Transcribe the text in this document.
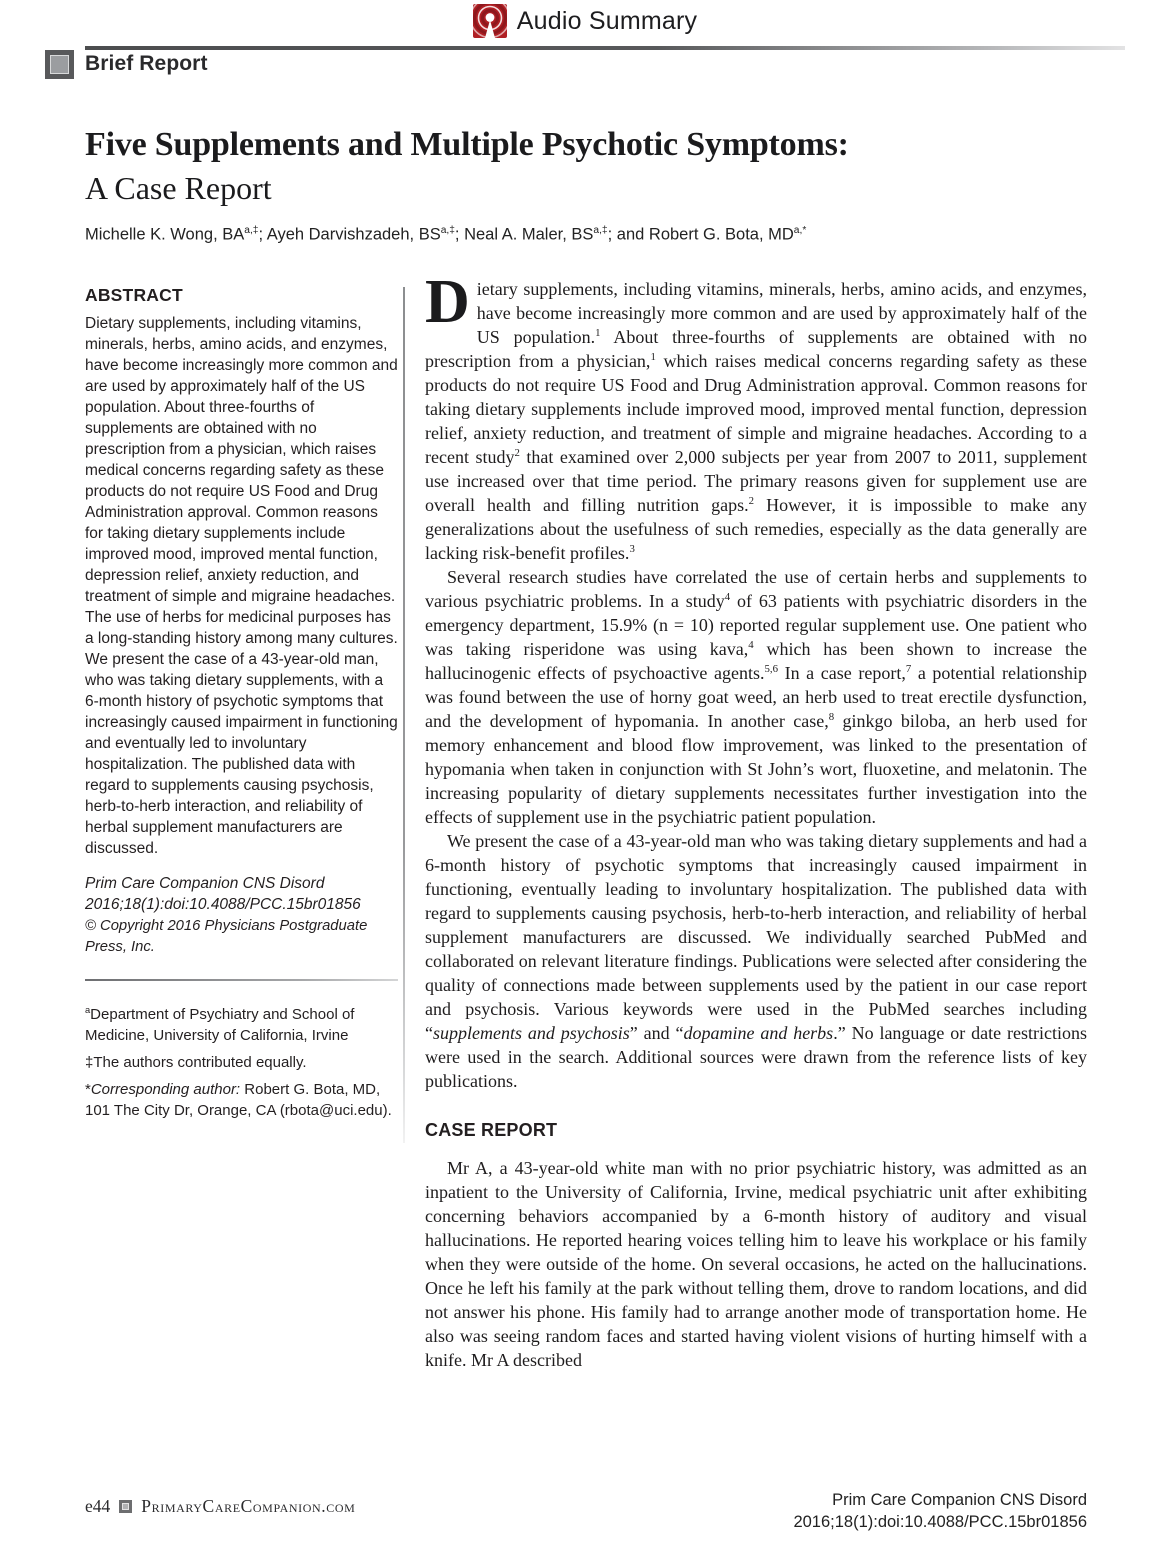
Audio Summary
Brief Report
Five Supplements and Multiple Psychotic Symptoms:
A Case Report
Michelle K. Wong, $BA^{a,\ddagger}$; Ayeh Darvishzadeh, $BS^{a,\ddagger}$; Neal A. Maler, $BS^{a,\ddagger}$; and Robert G. Bota, $MD^{a,*}$
ABSTRACT

Dietary supplements, including vitamins, minerals, herbs, amino acids, and enzymes, have become increasingly more common and are used by approximately half of the US population. About three-fourths of supplements are obtained with no prescription from a physician, which raises medical concerns regarding safety as these products do not require US Food and Drug Administration approval. Common reasons for taking dietary supplements include improved mood, improved mental function, depression relief, anxiety reduction, and treatment of simple and migraine headaches. The use of herbs for medicinal purposes has a long-standing history among many cultures. We present the case of a 43-year-old man, who was taking dietary supplements, with a 6-month history of psychotic symptoms that increasingly caused impairment in functioning and eventually led to involuntary hospitalization. The published data with regard to supplements causing psychosis, herb-to-herb interaction, and reliability of herbal supplement manufacturers are discussed.

Prim Care Companion CNS Disord
2016;18(1):doi:10.4088/PCC.15br01856
© Copyright 2016 Physicians Postgraduate Press, Inc.

$^a$Department of Psychiatry and School of Medicine, University of California, Irvine

‡The authors contributed equally.

*Corresponding author: Robert G. Bota, MD, 101 The City Dr, Orange, CA (rbota@uci.edu).

Dietary supplements, including vitamins, minerals, herbs, amino acids, and enzymes, have become increasingly more common and are used by approximately half of the US population.$^1$ About three-fourths of supplements are obtained with no prescription from a physician,$^1$ which raises medical concerns regarding safety as these products do not require US Food and Drug Administration approval. Common reasons for taking dietary supplements include improved mood, improved mental function, depression relief, anxiety reduction, and treatment of simple and migraine headaches. According to a recent study$^2$ that examined over 2,000 subjects per year from 2007 to 2011, supplement use increased over that time period. The primary reasons given for supplement use are overall health and filling nutrition gaps.$^2$ However, it is impossible to make any generalizations about the usefulness of such remedies, especially as the data generally are lacking risk-benefit profiles.$^3$

Several research studies have correlated the use of certain herbs and supplements to various psychiatric problems. In a study$^4$ of 63 patients with psychiatric disorders in the emergency department, 15.9% (n = 10) reported regular supplement use. One patient who was taking risperidone was using kava,$^4$ which has been shown to increase the hallucinogenic effects of psychoactive agents.$^{5,6}$ In a case report,$^7$ a potential relationship was found between the use of horny goat weed, an herb used to treat erectile dysfunction, and the development of hypomania. In another case,$^8$ ginkgo biloba, an herb used for memory enhancement and blood flow improvement, was linked to the presentation of hypomania when taken in conjunction with St John’s wort, fluoxetine, and melatonin. The increasing popularity of dietary supplements necessitates further investigation into the effects of supplement use in the psychiatric patient population.

We present the case of a 43-year-old man who was taking dietary supplements and had a 6-month history of psychotic symptoms that increasingly caused impairment in functioning, eventually leading to involuntary hospitalization. The published data with regard to supplements causing psychosis, herb-to-herb interaction, and reliability of herbal supplement manufacturers are discussed. We individually searched PubMed and collaborated on relevant literature findings. Publications were selected after considering the quality of connections made between supplements used by the patient in our case report and psychosis. Various keywords were used in the PubMed searches including “supplements and psychosis” and “dopamine and herbs.” No language or date restrictions were used in the search. Additional sources were drawn from the reference lists of key publications.

CASE REPORT

Mr A, a 43-year-old white man with no prior psychiatric history, was admitted as an inpatient to the University of California, Irvine, medical psychiatric unit after exhibiting concerning behaviors accompanied by a 6-month history of auditory and visual hallucinations. He reported hearing voices telling him to leave his workplace or his family when they were outside of the home. On several occasions, he acted on the hallucinations. Once he left his family at the park without telling them, drove to random locations, and did not answer his phone. His family had to arrange another mode of transportation home. He also was seeing random faces and started having violent visions of hurting himself with a knife. Mr A described

e44 PrimaryCareCompanion.com	Prim Care Companion CNS Disord
2016;18(1):doi:10.4088/PCC.15br01856
